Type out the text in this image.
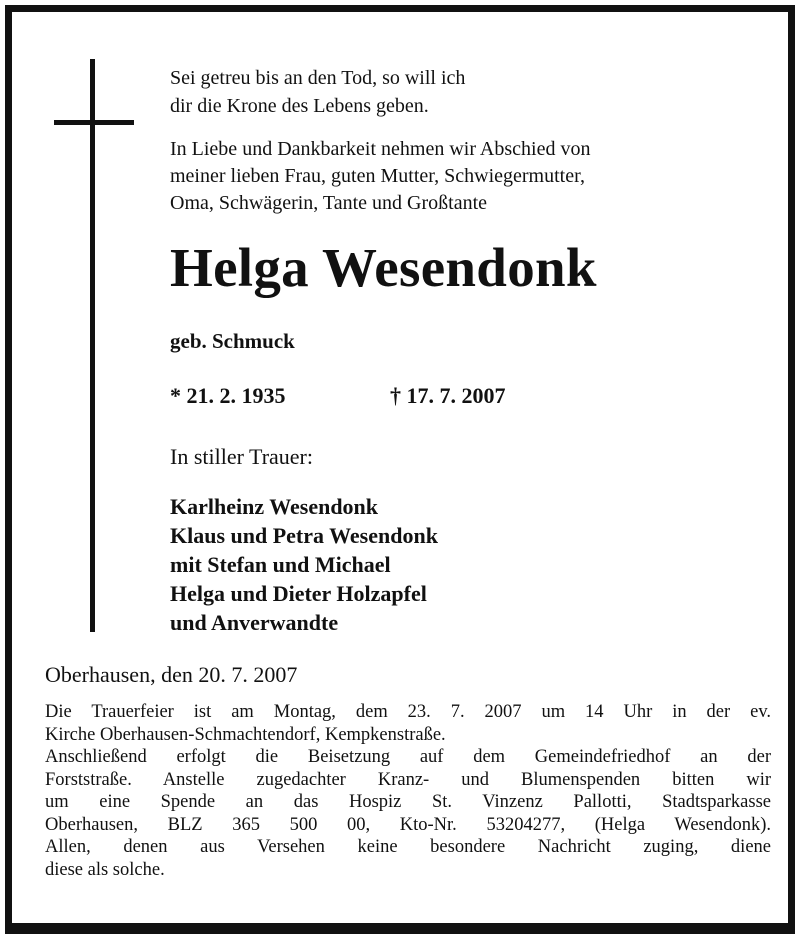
Sei getreu bis an den Tod, so will ich
dir die Krone des Lebens geben.

In Liebe und Dankbarkeit nehmen wir Abschied von
meiner lieben Frau, guten Mutter, Schwiegermutter,
Oma, Schwägerin, Tante und Großtante

Helga Wesendonk

geb. Schmuck

* 21. 2. 1935	† 17. 7. 2007

In stiller Trauer:

Karlheinz Wesendonk
Klaus und Petra Wesendonk
mit Stefan und Michael
Helga und Dieter Holzapfel
und Anverwandte

Oberhausen, den 20. 7. 2007

Die Trauerfeier ist am Montag, dem 23. 7. 2007 um 14 Uhr in der ev.
Kirche Oberhausen-Schmachtendorf, Kempkenstraße.
Anschließend erfolgt die Beisetzung auf dem Gemeindefriedhof an der
Forststraße. Anstelle zugedachter Kranz- und Blumenspenden bitten wir
um eine Spende an das Hospiz St. Vinzenz Pallotti, Stadtsparkasse
Oberhausen, BLZ 365 500 00, Kto-Nr. 53204277, (Helga Wesendonk).
Allen, denen aus Versehen keine besondere Nachricht zuging, diene
diese als solche.
